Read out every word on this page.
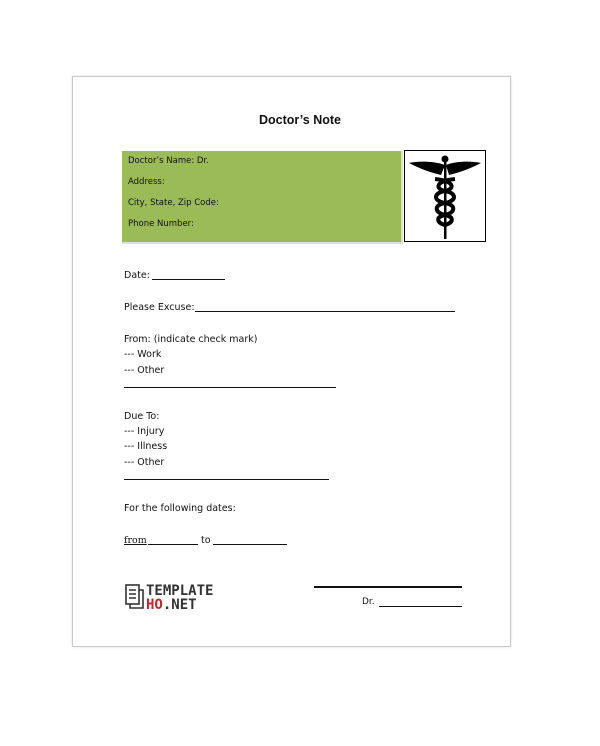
Doctor’s Note
Doctor’s Name: Dr.
Address:
City, State, Zip Code:
Phone Number:
Date:
Please Excuse:
From: (indicate check mark)
--- Work
--- Other
Due To:
--- Injury
--- Illness
--- Other
For the following dates:
from	to
Dr.
TEMPLATE
HO.NET
